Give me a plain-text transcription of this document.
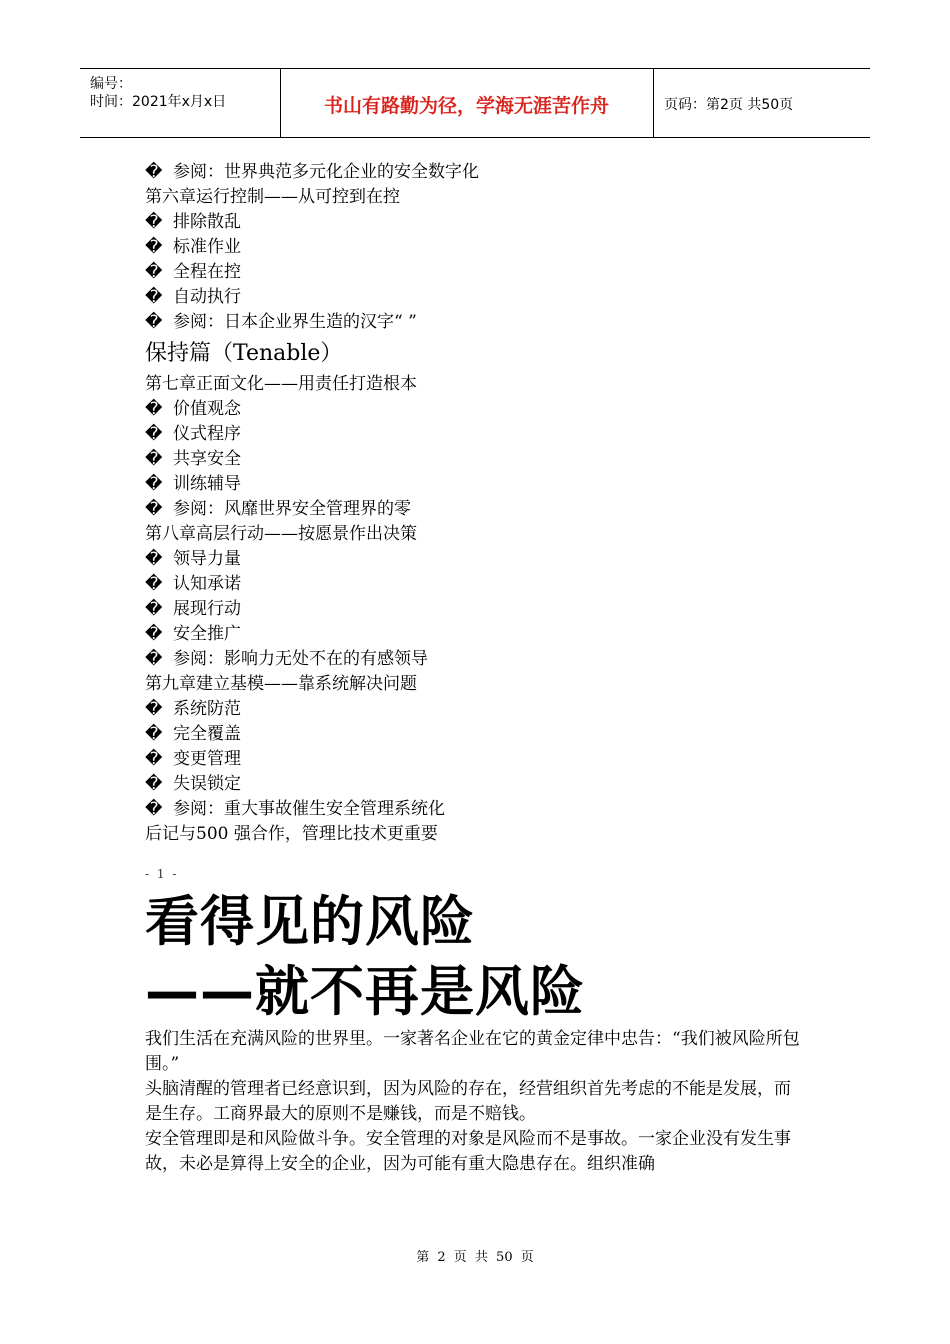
编号：
时间：2021年x月x日	书山有路勤为径，学海无涯苦作舟	页码：第2页 共50页
� 参阅：世界典范多元化企业的安全数字化
第六章运行控制——从可控到在控
� 排除散乱
� 标准作业
� 全程在控
� 自动执行
� 参阅：日本企业界生造的汉字“ ”
保持篇（Tenable）
第七章正面文化——用责任打造根本
� 价值观念
� 仪式程序
� 共享安全
� 训练辅导
� 参阅：风靡世界安全管理界的零
第八章高层行动——按愿景作出决策
� 领导力量
� 认知承诺
� 展现行动
� 安全推广
� 参阅：影响力无处不在的有感领导
第九章建立基模——靠系统解决问题
� 系统防范
� 完全覆盖
� 变更管理
� 失误锁定
� 参阅：重大事故催生安全管理系统化
后记与500 强合作，管理比技术更重要
- 1 -
看得见的风险
——就不再是风险
我们生活在充满风险的世界里。一家著名企业在它的黄金定律中忠告：“我们被风险所包围。”
头脑清醒的管理者已经意识到，因为风险的存在，经营组织首先考虑的不能是发展，而是生存。工商界最大的原则不是赚钱，而是不赔钱。
安全管理即是和风险做斗争。安全管理的对象是风险而不是事故。一家企业没有发生事故，未必是算得上安全的企业，因为可能有重大隐患存在。组织准确
第 2 页 共 50 页
